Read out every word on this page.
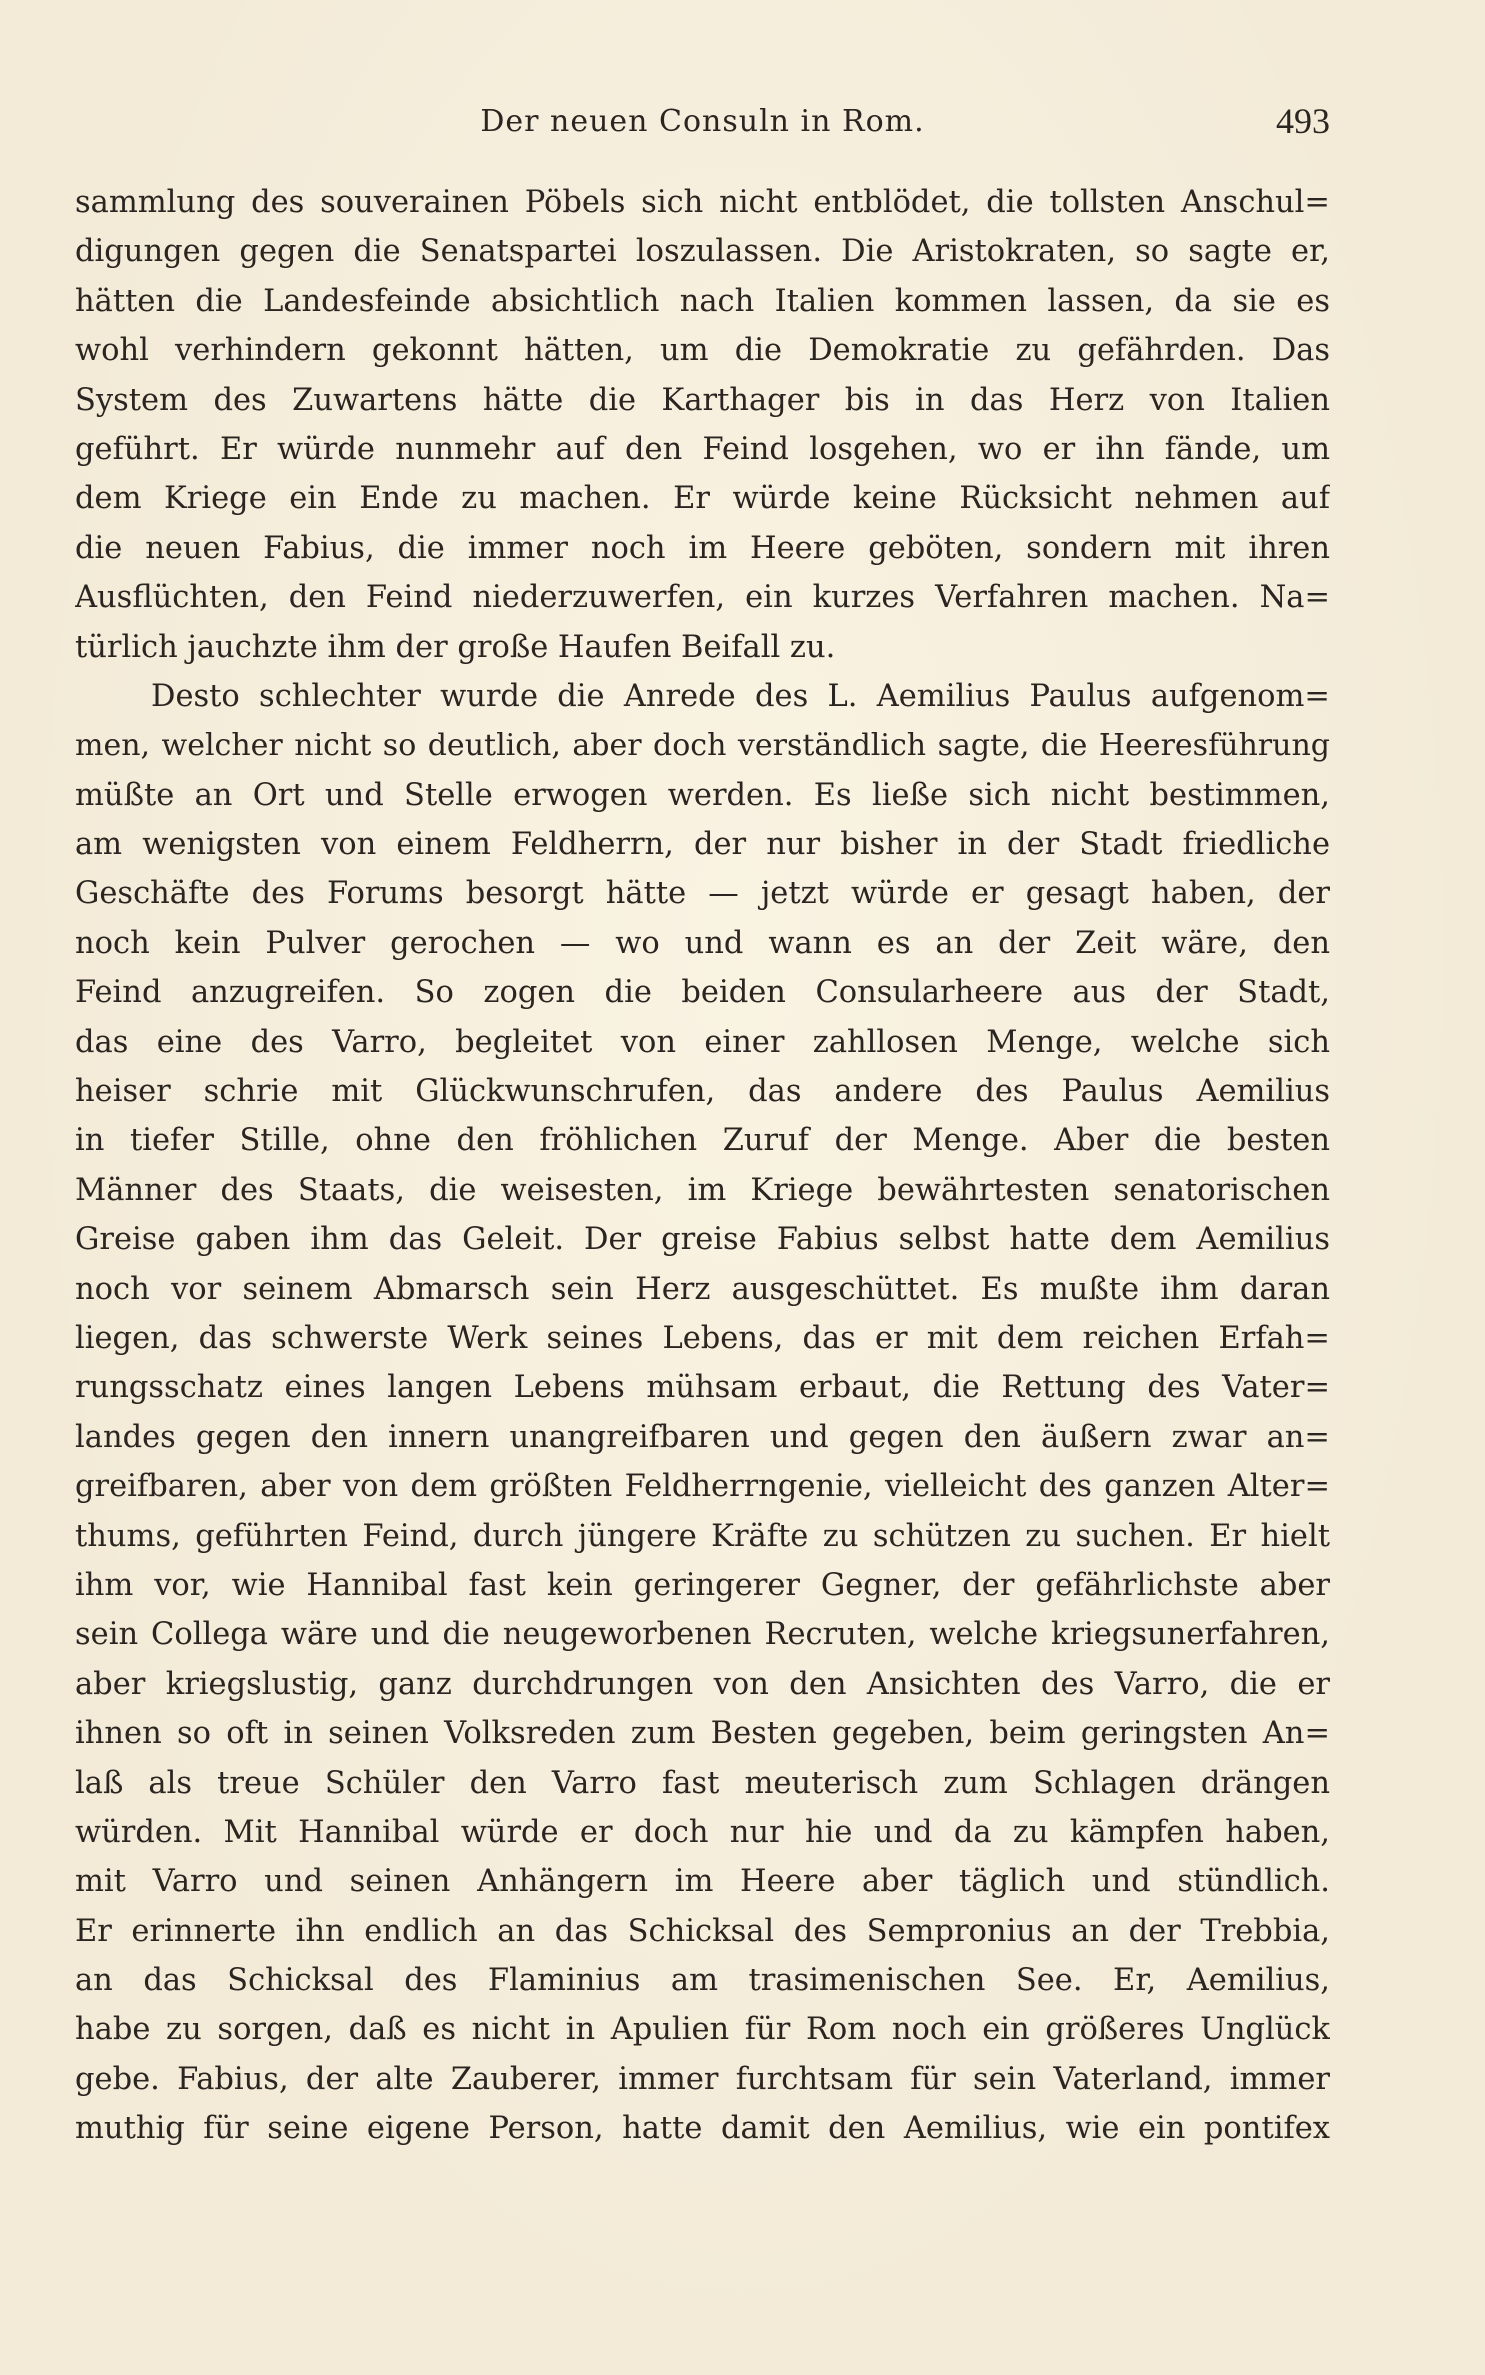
Der neuen Consuln in Rom.	493
sammlung des souverainen Pöbels sich nicht entblödet, die tollsten Anschul=
digungen gegen die Senatspartei loszulassen. Die Aristokraten, so sagte er,
hätten die Landesfeinde absichtlich nach Italien kommen lassen, da sie es
wohl verhindern gekonnt hätten, um die Demokratie zu gefährden. Das
System des Zuwartens hätte die Karthager bis in das Herz von Italien
geführt. Er würde nunmehr auf den Feind losgehen, wo er ihn fände, um
dem Kriege ein Ende zu machen. Er würde keine Rücksicht nehmen auf
die neuen Fabius, die immer noch im Heere geböten, sondern mit ihren
Ausflüchten, den Feind niederzuwerfen, ein kurzes Verfahren machen. Na=
türlich jauchzte ihm der große Haufen Beifall zu.
Desto schlechter wurde die Anrede des L. Aemilius Paulus aufgenom=
men, welcher nicht so deutlich, aber doch verständlich sagte, die Heeresführung
müßte an Ort und Stelle erwogen werden. Es ließe sich nicht bestimmen,
am wenigsten von einem Feldherrn, der nur bisher in der Stadt friedliche
Geschäfte des Forums besorgt hätte — jetzt würde er gesagt haben, der
noch kein Pulver gerochen — wo und wann es an der Zeit wäre, den
Feind anzugreifen. So zogen die beiden Consularheere aus der Stadt,
das eine des Varro, begleitet von einer zahllosen Menge, welche sich
heiser schrie mit Glückwunschrufen, das andere des Paulus Aemilius
in tiefer Stille, ohne den fröhlichen Zuruf der Menge. Aber die besten
Männer des Staats, die weisesten, im Kriege bewährtesten senatorischen
Greise gaben ihm das Geleit. Der greise Fabius selbst hatte dem Aemilius
noch vor seinem Abmarsch sein Herz ausgeschüttet. Es mußte ihm daran
liegen, das schwerste Werk seines Lebens, das er mit dem reichen Erfah=
rungsschatz eines langen Lebens mühsam erbaut, die Rettung des Vater=
landes gegen den innern unangreifbaren und gegen den äußern zwar an=
greifbaren, aber von dem größten Feldherrngenie, vielleicht des ganzen Alter=
thums, geführten Feind, durch jüngere Kräfte zu schützen zu suchen. Er hielt
ihm vor, wie Hannibal fast kein geringerer Gegner, der gefährlichste aber
sein Collega wäre und die neugeworbenen Recruten, welche kriegsunerfahren,
aber kriegslustig, ganz durchdrungen von den Ansichten des Varro, die er
ihnen so oft in seinen Volksreden zum Besten gegeben, beim geringsten An=
laß als treue Schüler den Varro fast meuterisch zum Schlagen drängen
würden. Mit Hannibal würde er doch nur hie und da zu kämpfen haben,
mit Varro und seinen Anhängern im Heere aber täglich und stündlich.
Er erinnerte ihn endlich an das Schicksal des Sempronius an der Trebbia,
an das Schicksal des Flaminius am trasimenischen See. Er, Aemilius,
habe zu sorgen, daß es nicht in Apulien für Rom noch ein größeres Unglück
gebe. Fabius, der alte Zauberer, immer furchtsam für sein Vaterland, immer
muthig für seine eigene Person, hatte damit den Aemilius, wie ein pontifex
